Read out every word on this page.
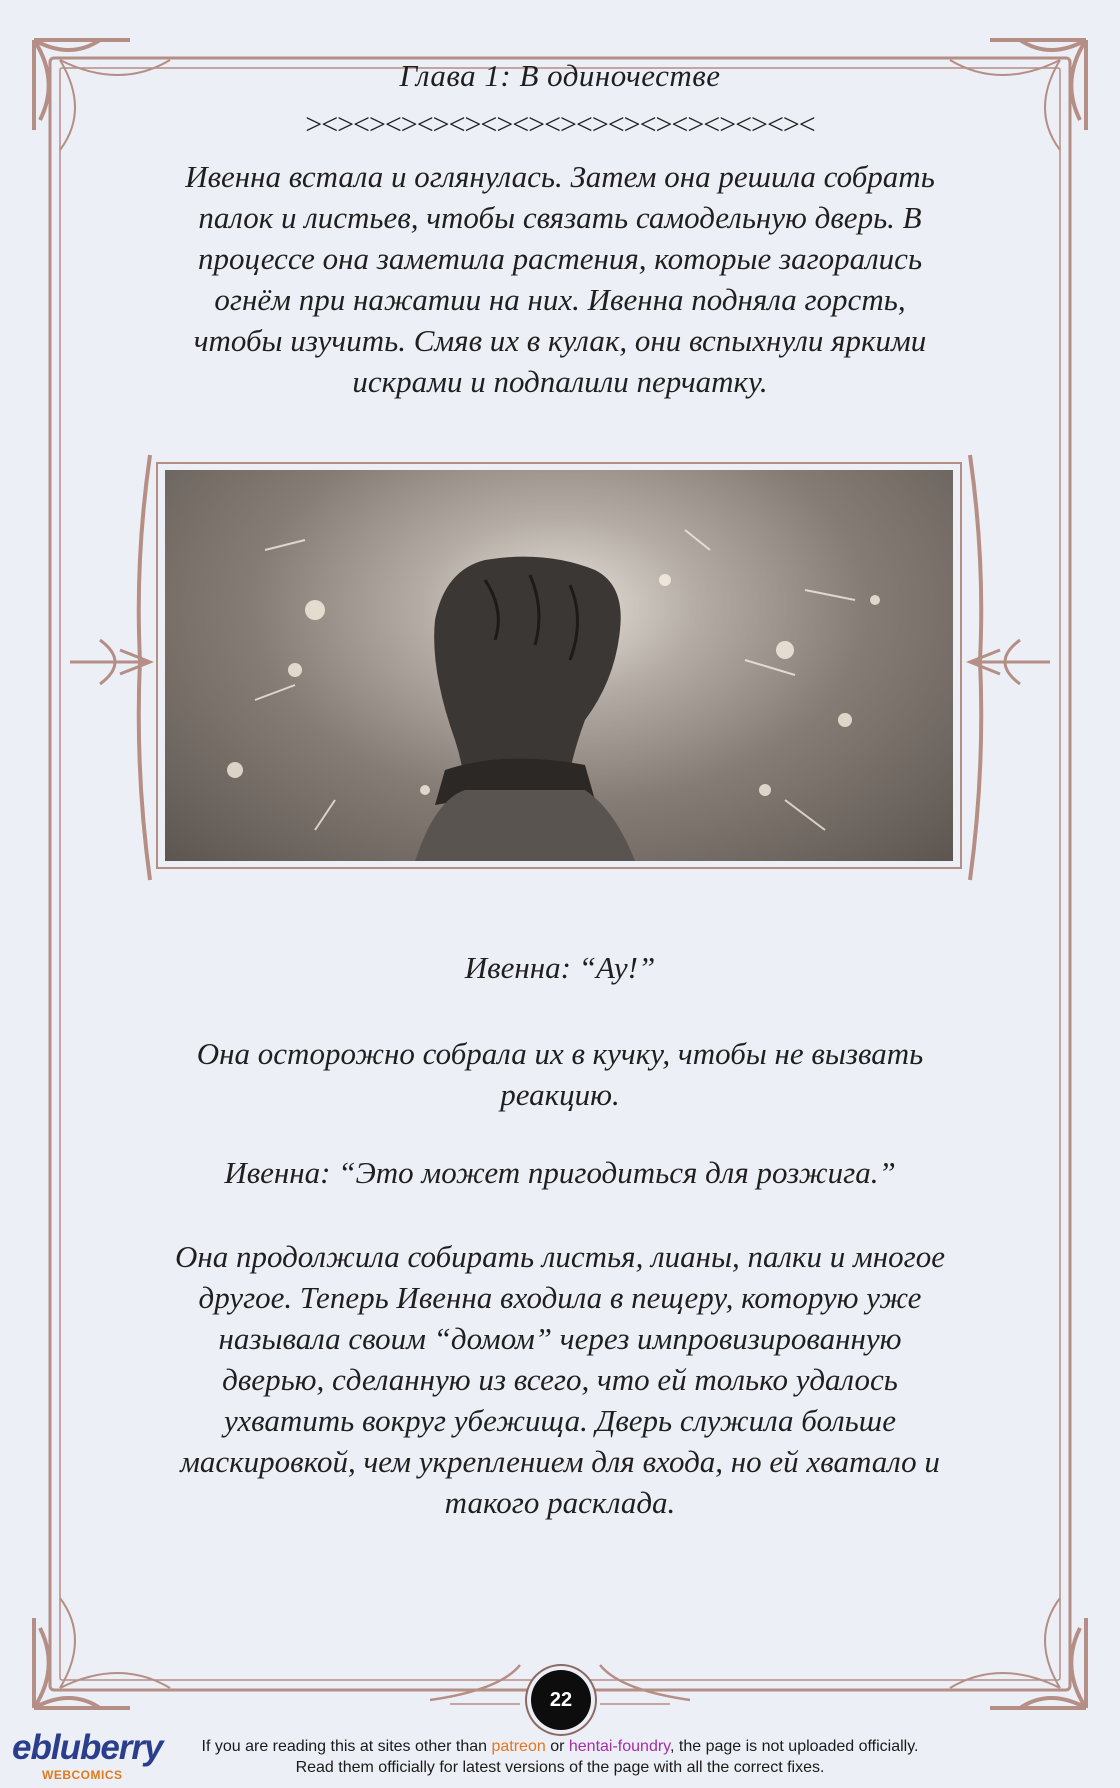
Глава 1: В одиночестве
><><><><><><><><><><><><><><><><
Ивенна встала и оглянулась. Затем она решила собрать палок и листьев, чтобы связать самодельную дверь. В процессе она заметила растения, которые загорались огнём при нажатии на них. Ивенна подняла горсть, чтобы изучить. Смяв их в кулак, они вспыхнули яркими искрами и подпалили перчатку.
Ивенна: “Ау!”
Она осторожно собрала их в кучку, чтобы не вызвать реакцию.
Ивенна: “Это может пригодиться для розжига.”
Она продолжила собирать листья, лианы, палки и многое другое. Теперь Ивенна входила в пещеру, которую уже называла своим “домом” через импровизированную дверью, сделанную из всего, что ей только удалось ухватить вокруг убежища. Дверь служила больше маскировкой, чем укреплением для входа, но ей хватало и такого расклада.
22
ebluberry
WEBCOMICS
If you are reading this at sites other than patreon or hentai-foundry, the page is not uploaded officially.
Read them officially for latest versions of the page with all the correct fixes.
